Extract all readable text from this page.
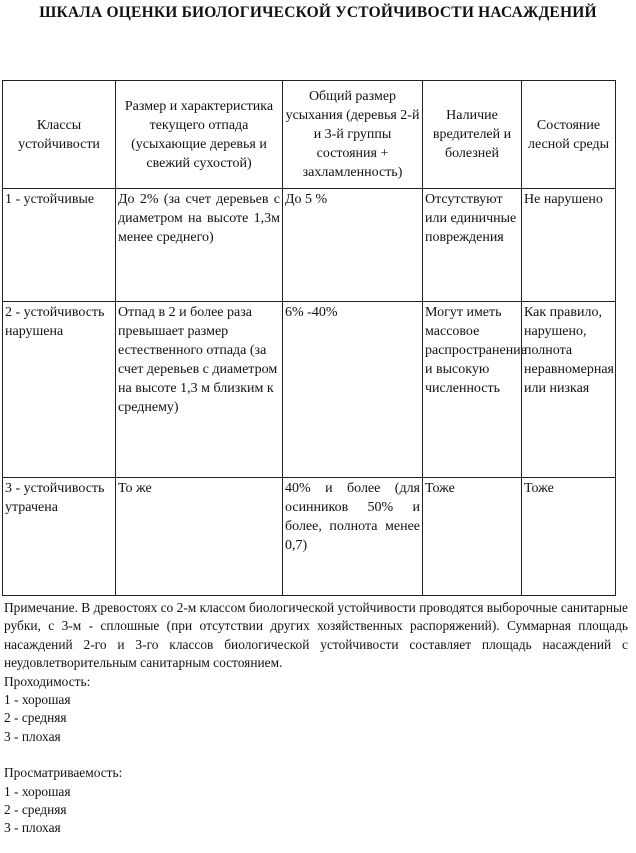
ШКАЛА ОЦЕНКИ БИОЛОГИЧЕСКОЙ УСТОЙЧИВОСТИ НАСАЖДЕНИЙ
Классы устойчивости	Размер и характеристика текущего отпада (усыхающие деревья и свежий сухостой)	Общий размер усыхания (деревья 2-й и 3-й группы состояния + захламленность)	Наличие вредителей и болезней	Состояние лесной среды
1 - устойчивые	До 2% (за счет деревьев с диаметром на высоте 1,3м менее среднего)	До 5 %	Отсутствуют или единичные повреждения	Не нарушено
2 - устойчивость нарушена	Отпад в 2 и более раза превышает размер естественного отпада (за счет деревьев с диаметром на высоте 1,3 м близким к среднему)	6% -40%	Могут иметь массовое распространение и высокую численность	Как правило, нарушено, полнота неравномерная или низкая
3 - устойчивость утрачена	То же	40% и более (для осинников 50% и более, полнота менее 0,7)	Тоже	Тоже

Примечание. В древостоях со 2-м классом биологической устойчивости проводятся выборочные санитарные рубки, с 3-м - сплошные (при отсутствии других хозяйственных распоряжений). Суммарная площадь насаждений 2-го и 3-го классов биологической устойчивости составляет площадь насаждений с неудовлетворительным санитарным состоянием.

Проходимость:

1 - хорошая

2 - средняя

3 - плохая

Просматриваемость:

1 - хорошая

2 - средняя

3 - плохая
